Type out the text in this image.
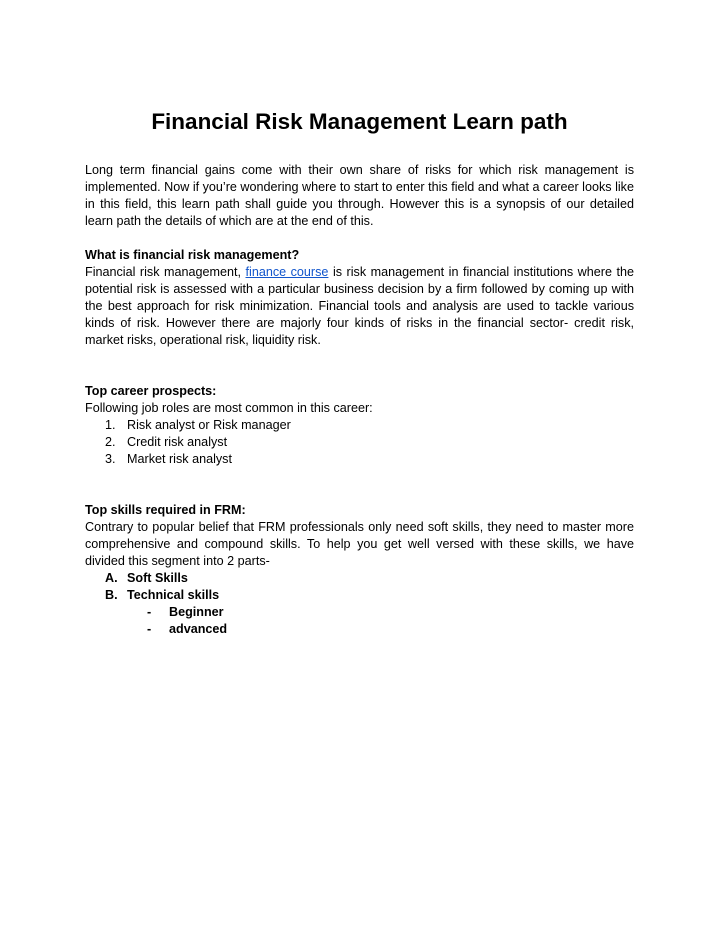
Financial Risk Management Learn path

Long term financial gains come with their own share of risks for which risk management is implemented. Now if you’re wondering where to start to enter this field and what a career looks like in this field, this learn path shall guide you through. However this is a synopsis of our detailed learn path the details of which are at the end of this.

What is financial risk management?
Financial risk management, finance course is risk management in financial institutions where the potential risk is assessed with a particular business decision by a firm followed by coming up with the best approach for risk minimization. Financial tools and analysis are used to tackle various kinds of risk. However there are majorly four kinds of risks in the financial sector- credit risk, market risks, operational risk, liquidity risk.
Top career prospects:
Following job roles are most common in this career:
1. Risk analyst or Risk manager
2. Credit risk analyst
3. Market risk analyst
Top skills required in FRM:
Contrary to popular belief that FRM professionals only need soft skills, they need to master more comprehensive and compound skills. To help you get well versed with these skills, we have divided this segment into 2 parts-
A. Soft Skills
B. Technical skills
- Beginner
- advanced
